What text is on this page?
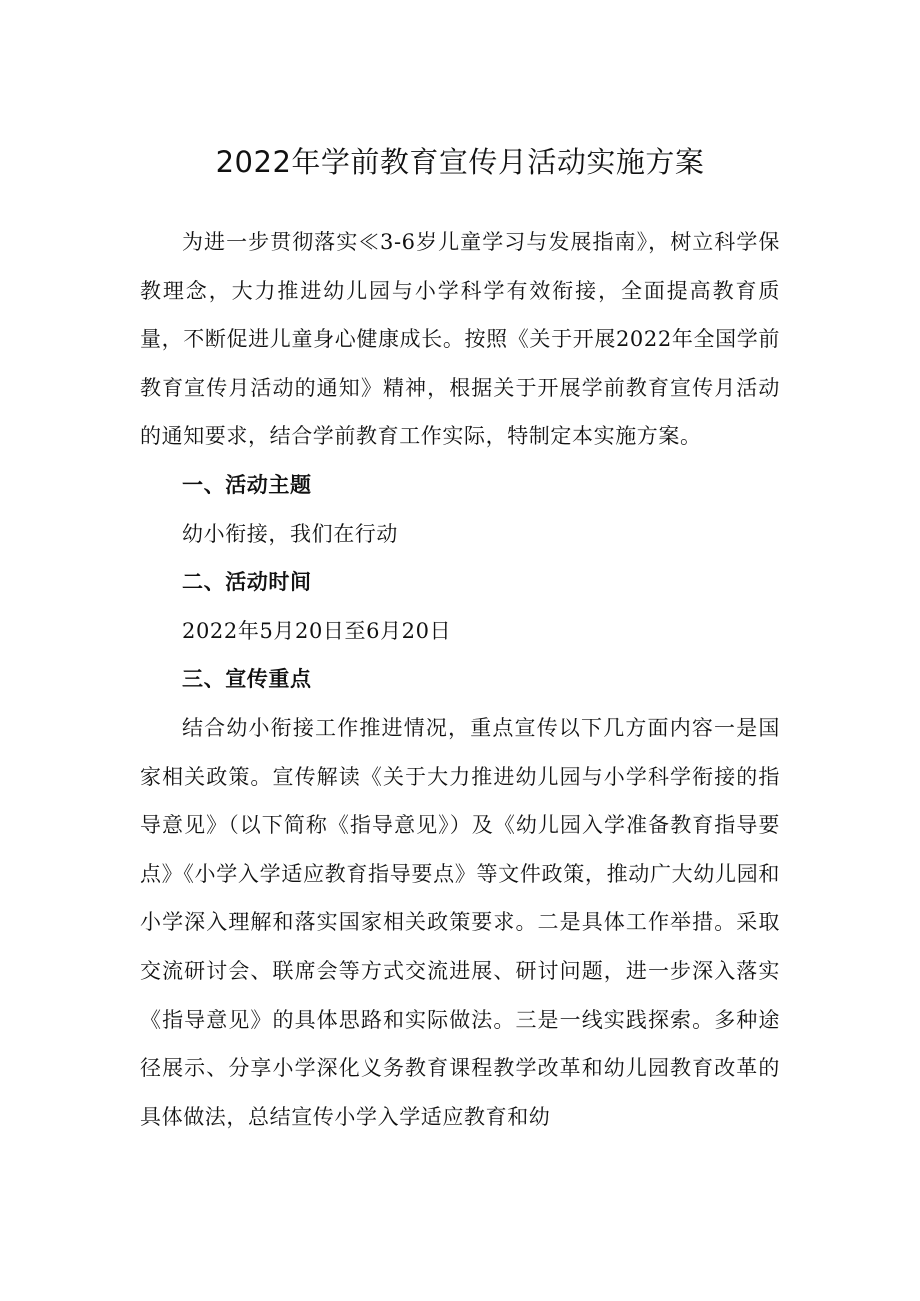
2022年学前教育宣传月活动实施方案

为进一步贯彻落实≪3-6岁儿童学习与发展指南》，树立科学保教理念，大力推进幼儿园与小学科学有效衔接，全面提高教育质量，不断促进儿童身心健康成长。按照《关于开展2022年全国学前教育宣传月活动的通知》精神，根据关于开展学前教育宣传月活动的通知要求，结合学前教育工作实际，特制定本实施方案。

一、活动主题

幼小衔接，我们在行动

二、活动时间

2022年5月20日至6月20日

三、宣传重点

结合幼小衔接工作推进情况，重点宣传以下几方面内容一是国家相关政策。宣传解读《关于大力推进幼儿园与小学科学衔接的指导意见》（以下简称《指导意见》）及《幼儿园入学准备教育指导要点》《小学入学适应教育指导要点》等文件政策，推动广大幼儿园和小学深入理解和落实国家相关政策要求。二是具体工作举措。采取交流研讨会、联席会等方式交流进展、研讨问题，进一步深入落实《指导意见》的具体思路和实际做法。三是一线实践探索。多种途径展示、分享小学深化义务教育课程教学改革和幼儿园教育改革的具体做法，总结宣传小学入学适应教育和幼
